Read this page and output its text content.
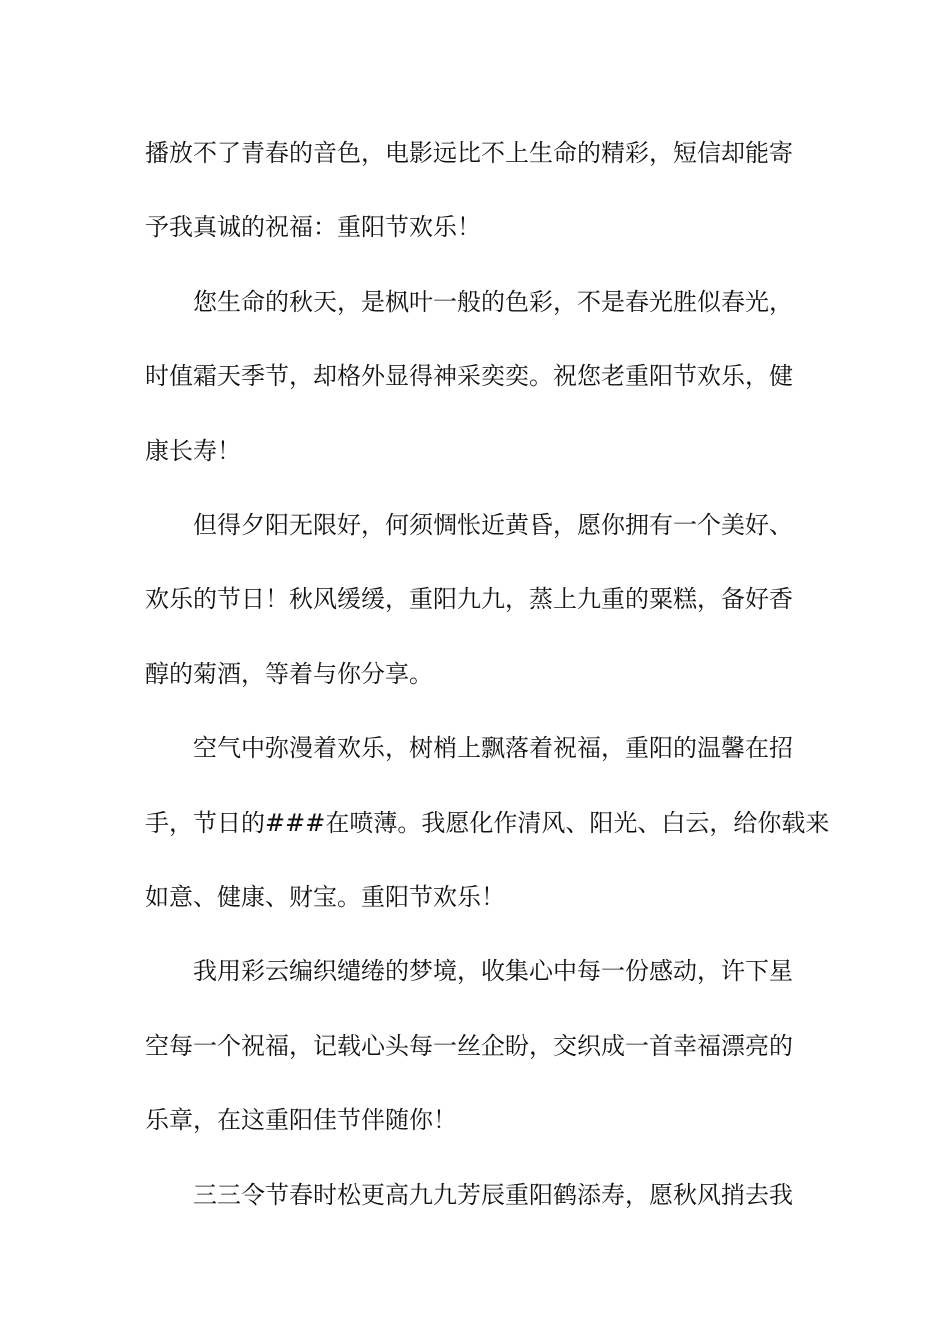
播放不了青春的音色，电影远比不上生命的精彩，短信却能寄
予我真诚的祝福：重阳节欢乐！
您生命的秋天，是枫叶一般的色彩，不是春光胜似春光，
时值霜天季节，却格外显得神采奕奕。祝您老重阳节欢乐，健
康长寿！
但得夕阳无限好，何须惆怅近黄昏，愿你拥有一个美好、
欢乐的节日！秋风缓缓，重阳九九，蒸上九重的粟糕，备好香
醇的菊酒，等着与你分享。
空气中弥漫着欢乐，树梢上飘落着祝福，重阳的温馨在招
手，节日的###在喷薄。我愿化作清风、阳光、白云，给你载来
如意、健康、财宝。重阳节欢乐！
我用彩云编织缱绻的梦境，收集心中每一份感动，许下星
空每一个祝福，记载心头每一丝企盼，交织成一首幸福漂亮的
乐章，在这重阳佳节伴随你！
三三令节春时松更高九九芳辰重阳鹤添寿，愿秋风捎去我
